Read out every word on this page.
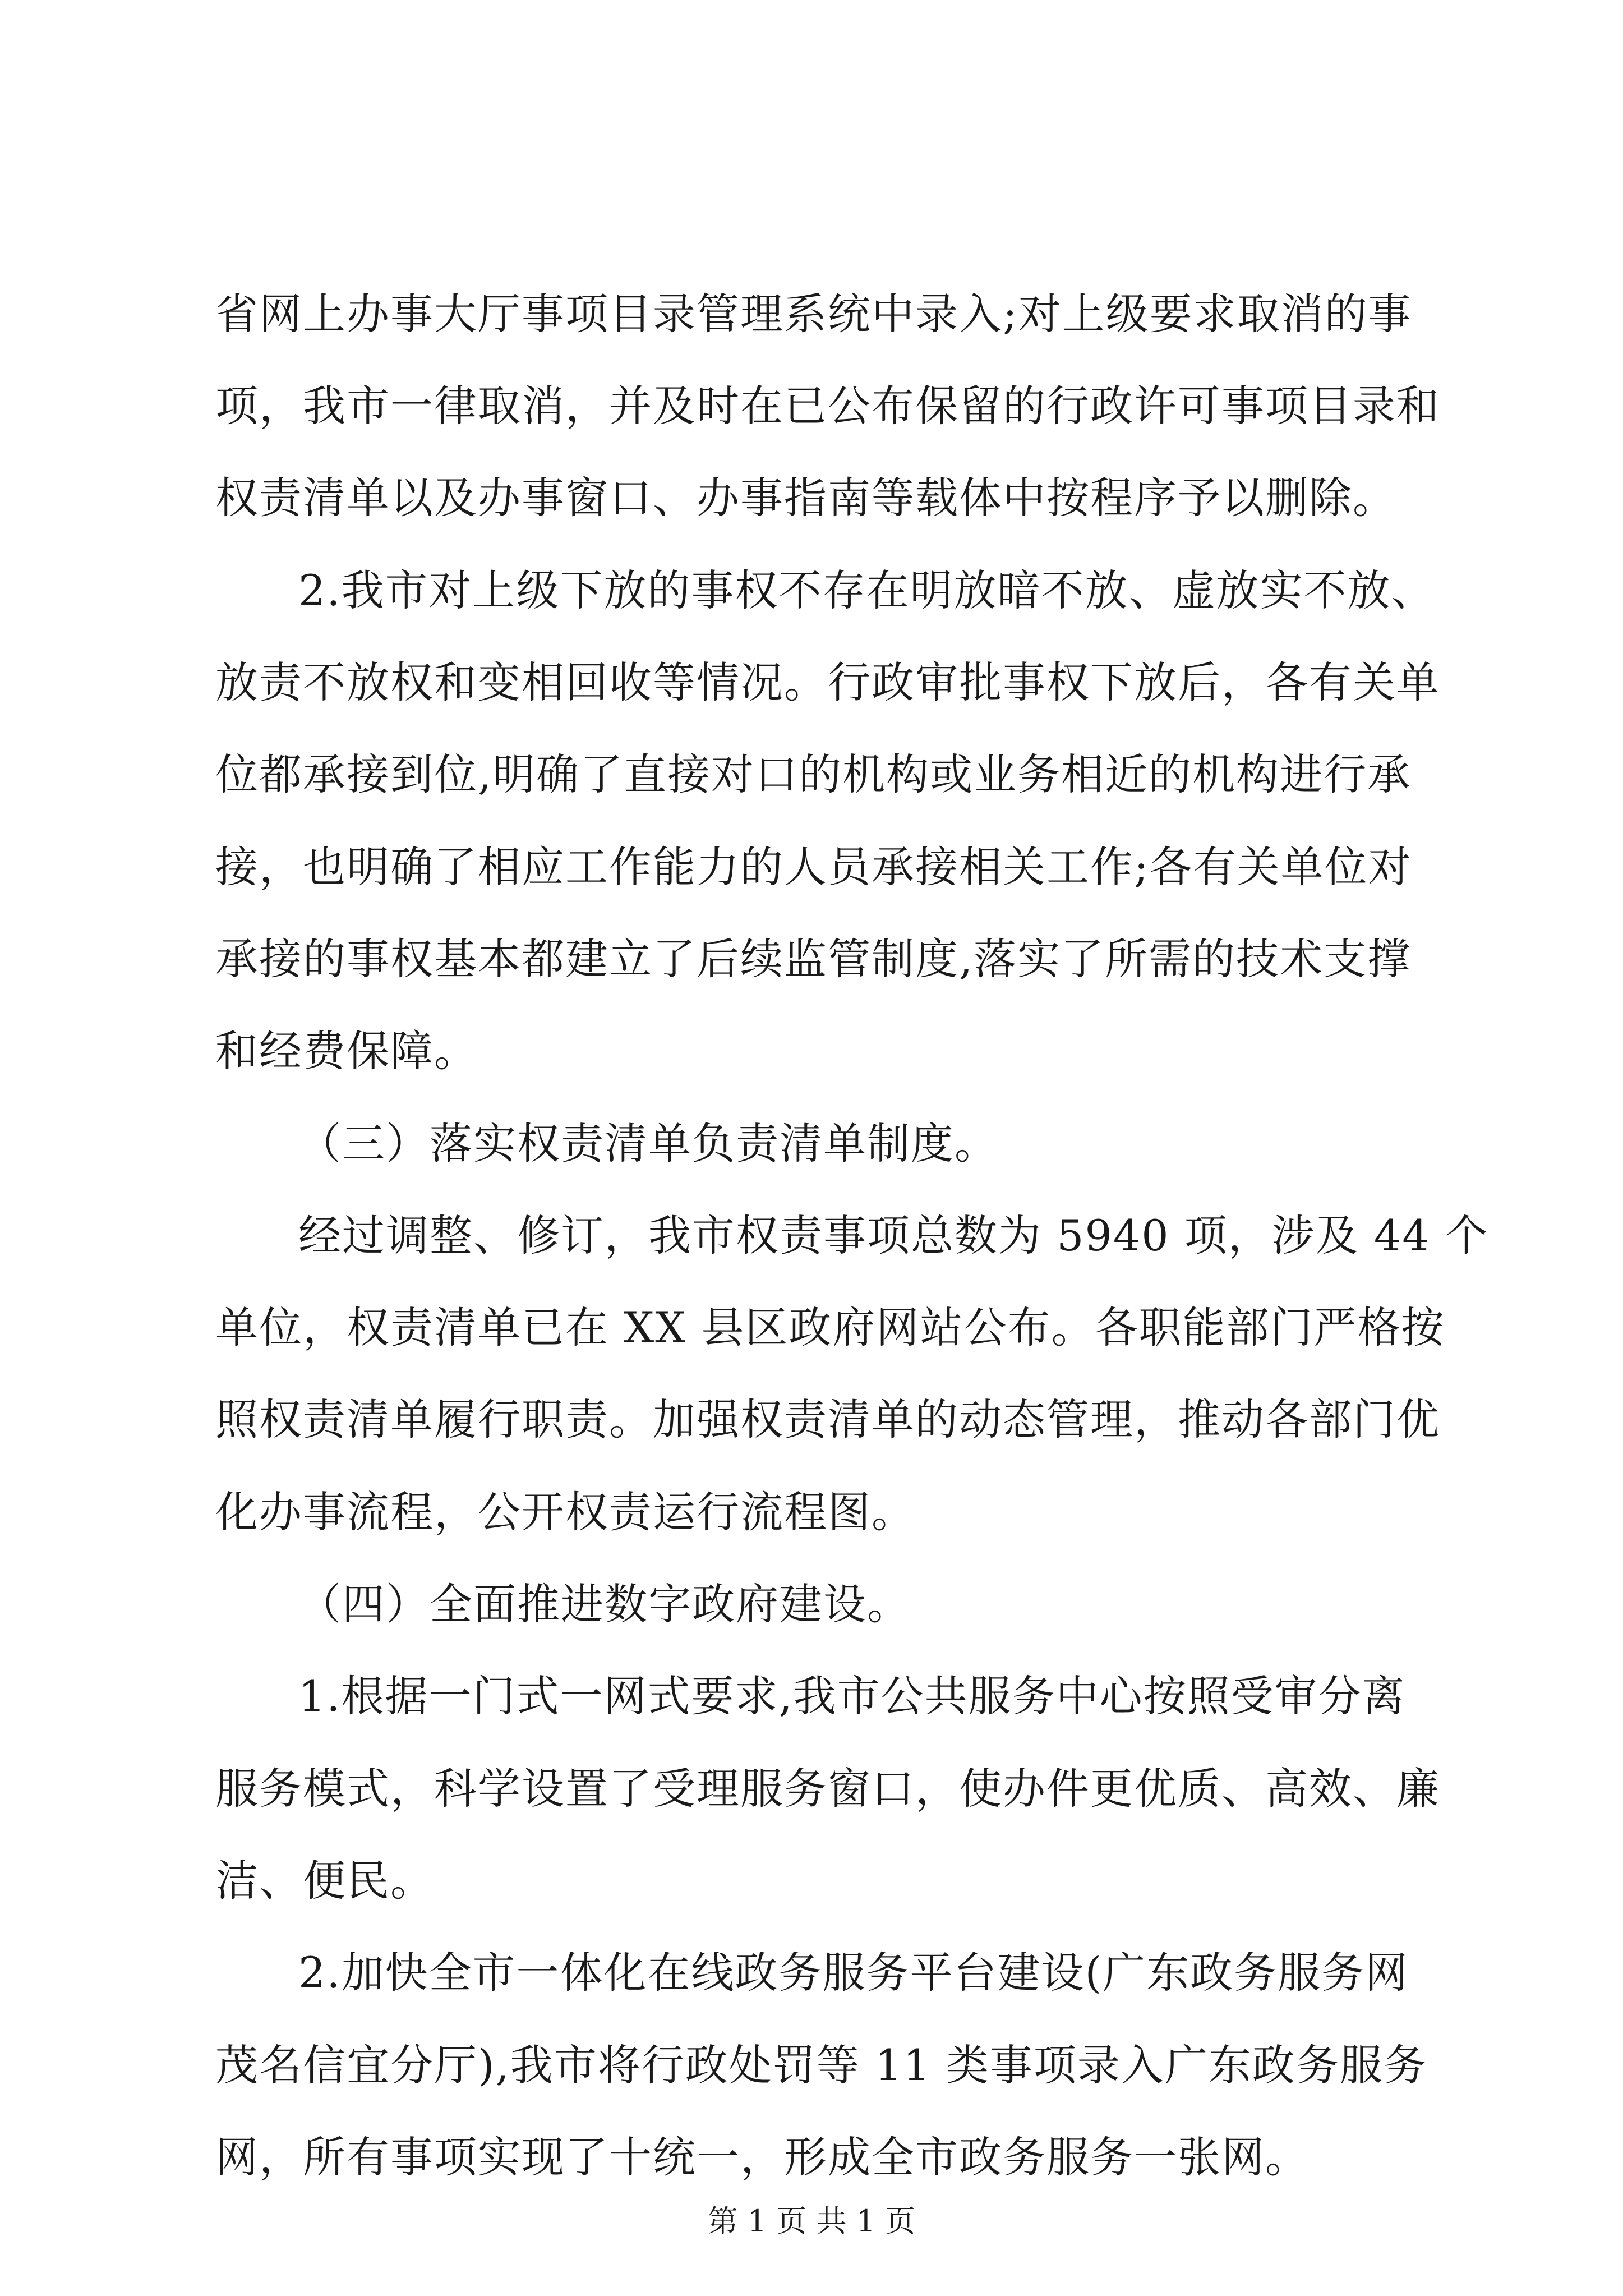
省网上办事大厅事项目录管理系统中录入;对上级要求取消的事
项，我市一律取消，并及时在已公布保留的行政许可事项目录和
权责清单以及办事窗口、办事指南等载体中按程序予以删除。
2.我市对上级下放的事权不存在明放暗不放、虚放实不放、
放责不放权和变相回收等情况。行政审批事权下放后，各有关单
位都承接到位,明确了直接对口的机构或业务相近的机构进行承
接，也明确了相应工作能力的人员承接相关工作;各有关单位对
承接的事权基本都建立了后续监管制度,落实了所需的技术支撑
和经费保障。
（三）落实权责清单负责清单制度。
经过调整、修订，我市权责事项总数为 5940 项，涉及 44 个
单位，权责清单已在 XX 县区政府网站公布。各职能部门严格按
照权责清单履行职责。加强权责清单的动态管理，推动各部门优
化办事流程，公开权责运行流程图。
（四）全面推进数字政府建设。
1.根据一门式一网式要求,我市公共服务中心按照受审分离
服务模式，科学设置了受理服务窗口，使办件更优质、高效、廉
洁、便民。
2.加快全市一体化在线政务服务平台建设(广东政务服务网
茂名信宜分厅),我市将行政处罚等 11 类事项录入广东政务服务
网，所有事项实现了十统一，形成全市政务服务一张网。
第 1 页 共 1 页
